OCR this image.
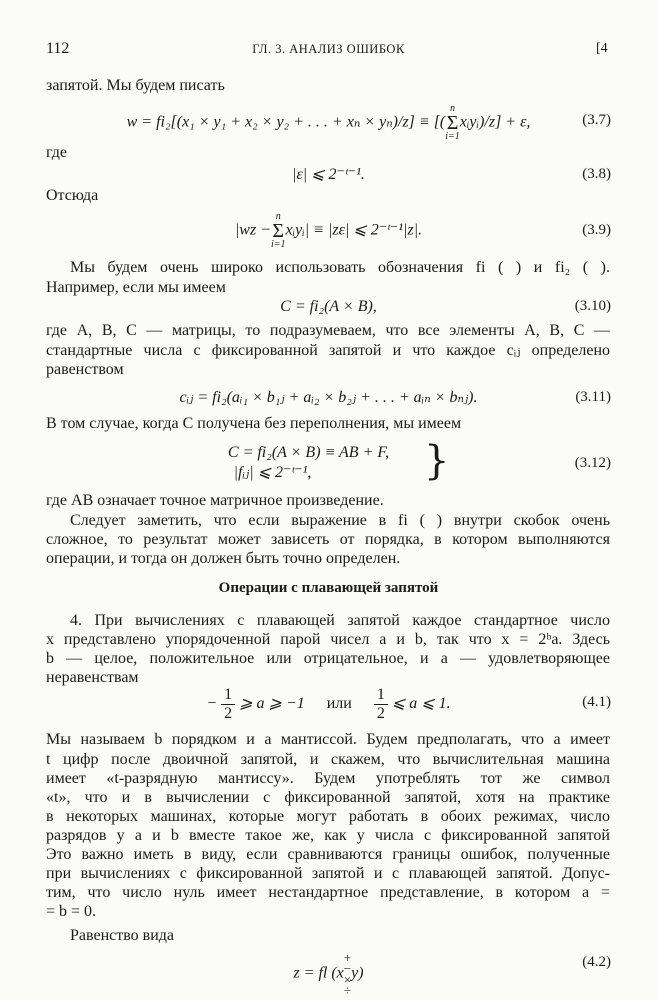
112	ГЛ. 3. АНАЛИЗ ОШИБОК	[4
запятой. Мы будем писать
w = fi₂[(x₁ × y₁ + x₂ × y₂ + . . . + xₙ × yₙ)/z] ≡ [(
n
Σ
i=1
xᵢyᵢ)/z] + ε,	(3.7)
где
|ε| ⩽ 2⁻ᵗ⁻¹.	(3.8)
Отсюда
|wz −
n
Σ
i=1
xᵢyᵢ| ≡ |zε| ⩽ 2⁻ᵗ⁻¹|z|.	(3.9)
Мы будем очень широко использовать обозначения fi ( ) и fi₂ ( ).
Например, если мы имеем
C = fi₂(A × B),	(3.10)
где A, B, C — матрицы, то подразумеваем, что все элементы A, B, C —
стандартные числа с фиксированной запятой и что каждое cᵢⱼ определено
равенством
cᵢⱼ = fi₂(aᵢ₁ × b₁ⱼ + aᵢ₂ × b₂ⱼ + . . . + aᵢₙ × bₙⱼ).	(3.11)
В том случае, когда C получена без переполнения, мы имеем
C = fi₂(A × B) ≡ AB + F,
|fᵢⱼ| ⩽ 2⁻ᵗ⁻¹,	}	(3.12)
где AB означает точное матричное произведение.
Следует заметить, что если выражение в fi ( ) внутри скобок очень
сложное, то результат может зависеть от порядка, в котором выполняются
операции, и тогда он должен быть точно определен.
Операции с плавающей запятой
4. При вычислениях с плавающей запятой каждое стандартное число
x представлено упорядоченной парой чисел a и b, так что x = 2ᵇa. Здесь
b — целое, положительное или отрицательное, и a — удовлетворяющее
неравенствам
− $\frac{1}{2}$ ⩾ a ⩾ −1 или $\frac{1}{2}$ ⩽ a ⩽ 1.	(4.1)
Мы называем b порядком и a мантиссой. Будем предполагать, что a имеет
t цифр после двоичной запятой, и скажем, что вычислительная машина
имеет «t-разрядную мантиссу». Будем употреблять тот же символ
«t», что и в вычислении с фиксированной запятой, хотя на практике
в некоторых машинах, которые могут работать в обоих режимах, число
разрядов у a и b вместе такое же, как у числа с фиксированной запятой
Это важно иметь в виду, если сравниваются границы ошибок, полученные
при вычислениях с фиксированной запятой и с плавающей запятой. Допус-
тим, что число нуль имеет нестандартное представление, в котором a =
= b = 0.
Равенство вида
z = fl (x
+
−
×
÷
y)
(4.2)
